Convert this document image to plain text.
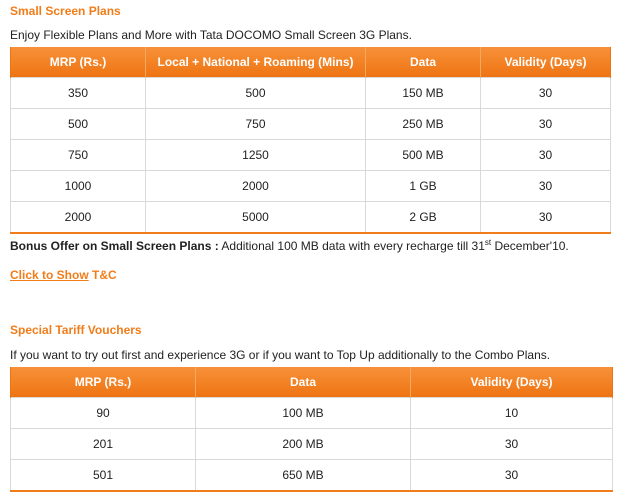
Small Screen Plans

Enjoy Flexible Plans and More with Tata DOCOMO Small Screen 3G Plans.

MRP (Rs.)	Local + National + Roaming (Mins)	Data	Validity (Days)
350	500	150 MB	30
500	750	250 MB	30
750	1250	500 MB	30
1000	2000	1 GB	30
2000	5000	2 GB	30

Bonus Offer on Small Screen Plans : Additional 100 MB data with every recharge till 31st December'10.

Click to Show T&C

Special Tariff Vouchers

If you want to try out first and experience 3G or if you want to Top Up additionally to the Combo Plans.

MRP (Rs.)	Data	Validity (Days)
90	100 MB	10
201	200 MB	30
501	650 MB	30
